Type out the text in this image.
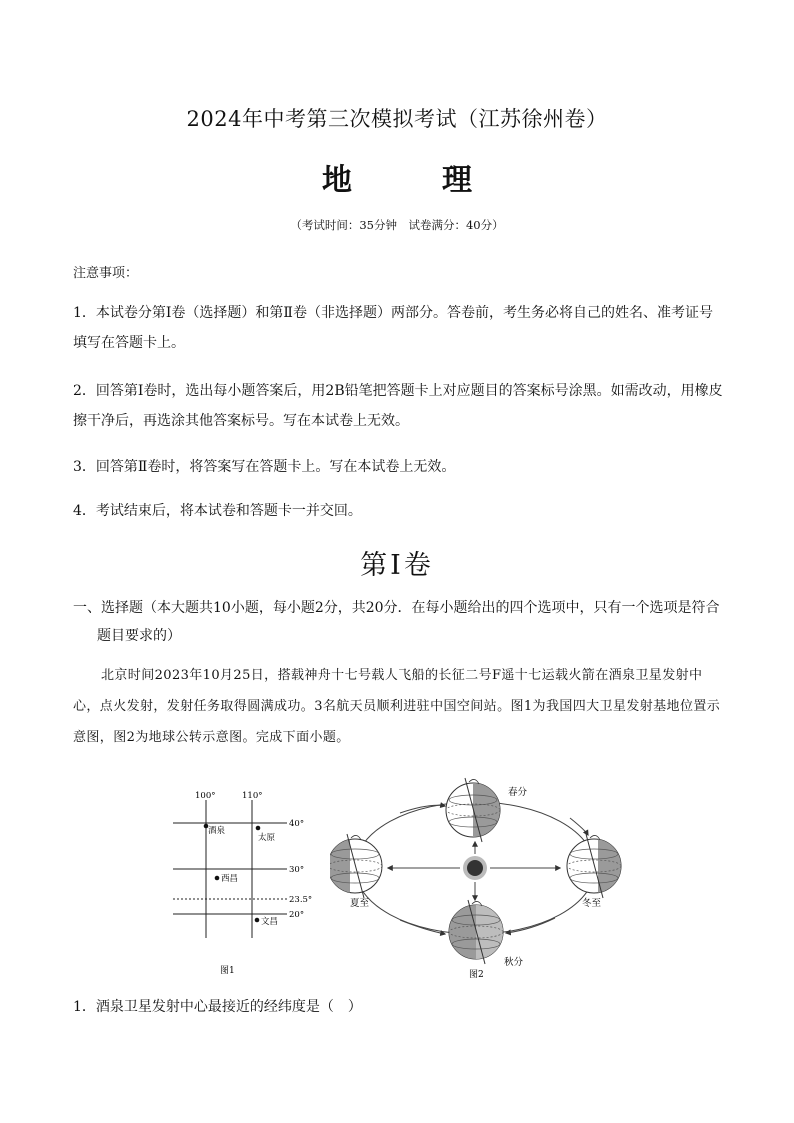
2024年中考第三次模拟考试（江苏徐州卷）
地　理
（考试时间：35分钟　试卷满分：40分）
注意事项：
1．本试卷分第Ⅰ卷（选择题）和第Ⅱ卷（非选择题）两部分。答卷前，考生务必将自己的姓名、准考证号填写在答题卡上。
2．回答第Ⅰ卷时，选出每小题答案后，用2B铅笔把答题卡上对应题目的答案标号涂黑。如需改动，用橡皮擦干净后，再选涂其他答案标号。写在本试卷上无效。
3．回答第Ⅱ卷时，将答案写在答题卡上。写在本试卷上无效。
4．考试结束后，将本试卷和答题卡一并交回。
第Ⅰ卷
一、选择题（本大题共10小题，每小题2分，共20分．在每小题给出的四个选项中，只有一个选项是符合题目要求的）
北京时间2023年10月25日，搭载神舟十七号载人飞船的长征二号F遥十七运载火箭在酒泉卫星发射中心，点火发射，发射任务取得圆满成功。3名航天员顺利进驻中国空间站。图1为我国四大卫星发射基地位置示意图，图2为地球公转示意图。完成下面小题。
100°	110°
40°
30°
23.5°
20°
酒泉
太原
西昌
文昌
图1
春分
夏至	冬至
秋分
图2
1．酒泉卫星发射中心最接近的经纬度是（　）
